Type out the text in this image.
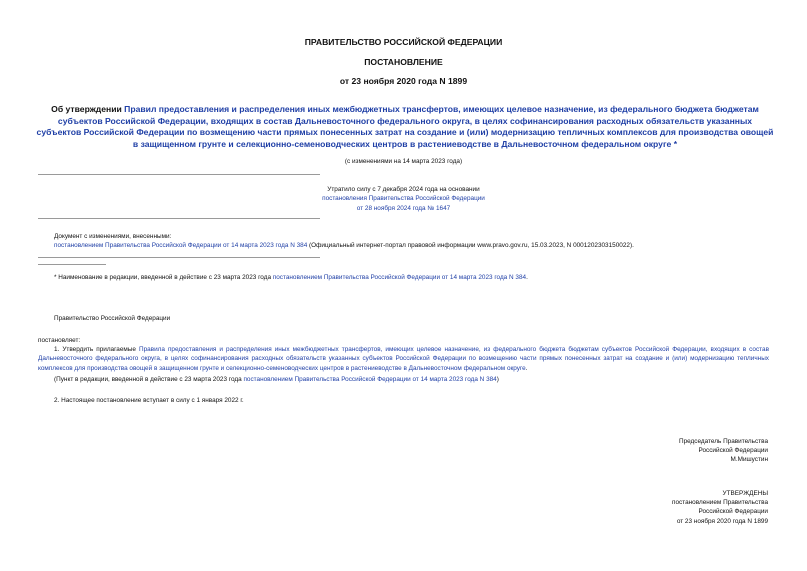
ПРАВИТЕЛЬСТВО РОССИЙСКОЙ ФЕДЕРАЦИИ
ПОСТАНОВЛЕНИЕ
от 23 ноября 2020 года N 1899
Об утверждении Правил предоставления и распределения иных межбюджетных трансфертов, имеющих целевое назначение, из федерального бюджета бюджетам субъектов Российской Федерации, входящих в состав Дальневосточного федерального округа, в целях софинансирования расходных обязательств указанных субъектов Российской Федерации по возмещению части прямых понесенных затрат на создание и (или) модернизацию тепличных комплексов для производства овощей в защищенном грунте и селекционно-семеноводческих центров в растениеводстве в Дальневосточном федеральном округе *
(с изменениями на 14 марта 2023 года)
Утратило силу с 7 декабря 2024 года на основании
постановления Правительства Российской Федерации
от 28 ноября 2024 года № 1647
Документ с изменениями, внесенными:
постановлением Правительства Российской Федерации от 14 марта 2023 года N 384 (Официальный интернет-портал правовой информации www.pravo.gov.ru, 15.03.2023, N 0001202303150022).
* Наименование в редакции, введенной в действие с 23 марта 2023 года постановлением Правительства Российской Федерации от 14 марта 2023 года N 384.
Правительство Российской Федерации
постановляет:
1. Утвердить прилагаемые Правила предоставления и распределения иных межбюджетных трансфертов, имеющих целевое назначение, из федерального бюджета бюджетам субъектов Российской Федерации, входящих в состав Дальневосточного федерального округа, в целях софинансирования расходных обязательств указанных субъектов Российской Федерации по возмещению части прямых понесенных затрат на создание и (или) модернизацию тепличных комплексов для производства овощей в защищенном грунте и селекционно-семеноводческих центров в растениеводстве в Дальневосточном федеральном округе.
(Пункт в редакции, введенной в действие с 23 марта 2023 года постановлением Правительства Российской Федерации от 14 марта 2023 года N 384)
2. Настоящее постановление вступает в силу с 1 января 2022 г.
Председатель Правительства
Российской Федерации
М.Мишустин
УТВЕРЖДЕНЫ
постановлением Правительства
Российской Федерации
от 23 ноября 2020 года N 1899
